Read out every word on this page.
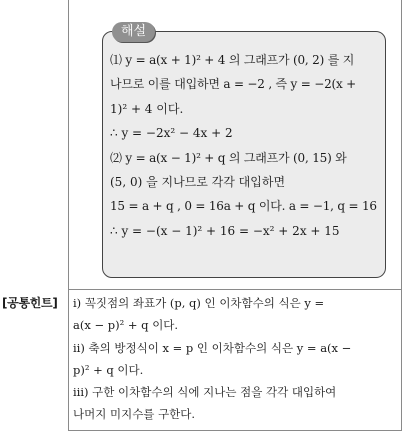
해설
⑴ y = a(x + 1)² + 4 의 그래프가 (0, 2) 를 지
나므로 이를 대입하면 a = −2 , 즉 y = −2(x +
1)² + 4 이다.
∴ y = −2x² − 4x + 2
⑵ y = a(x − 1)² + q 의 그래프가 (0, 15) 와
(5, 0) 을 지나므로 각각 대입하면
15 = a + q , 0 = 16a + q 이다. a = −1, q = 16
∴ y = −(x − 1)² + 16 = −x² + 2x + 15
[공통힌트] ⅰ) 꼭짓점의 좌표가 (p, q) 인 이차함수의 식은 y =
a(x − p)² + q 이다.
ⅱ) 축의 방정식이 x = p 인 이차함수의 식은 y = a(x −
p)² + q 이다.
ⅲ) 구한 이차함수의 식에 지나는 점을 각각 대입하여
나머지 미지수를 구한다.
